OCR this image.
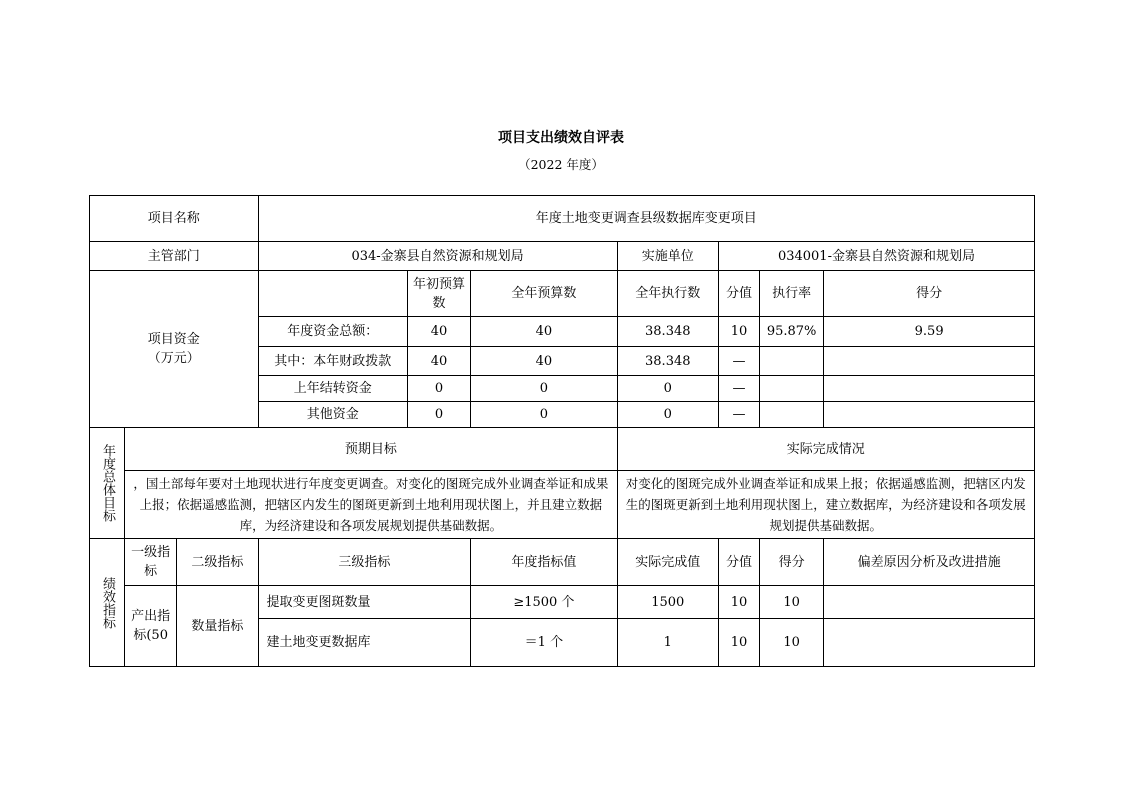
项目支出绩效自评表
（2022 年度）
项目名称			年度土地变更调查县级数据库变更项目						
主管部门			034-金寨县自然资源和规划局			实施单位	034001-金寨县自然资源和规划局		

项目资金
（万元）				年初预算数	全年预算数	全年执行数	分值	执行率	得分
			年度资金总额：	40	40	38.348	10	95.87%	9.59
			其中：本年财政拨款	40	40	38.348	—		
			上年结转资金	0	0	0	—		
			其他资金	0	0	0	—		

年度总体目标	预期目标					实际完成情况			
	，国土部每年要对土地现状进行年度变更调查。对变化的图斑完成外业调查举证和成果上报；依据遥感监测，把辖区内发生的图斑更新到土地利用现状图上，并且建立数据库，为经济建设和各项发展规划提供基础数据。					对变化的图斑完成外业调查举证和成果上报；依据遥感监测，把辖区内发生的图斑更新到土地利用现状图上，建立数据库，为经济建设和各项发展规划提供基础数据。			

绩效指标	一级指标	二级指标	三级指标		年度指标值	实际完成值	分值	得分	偏差原因分析及改进措施
	产出指标(50	数量指标	提取变更图斑数量		≥1500 个	1500	10	10	
			建土地变更数据库		＝1 个	1	10	10	
